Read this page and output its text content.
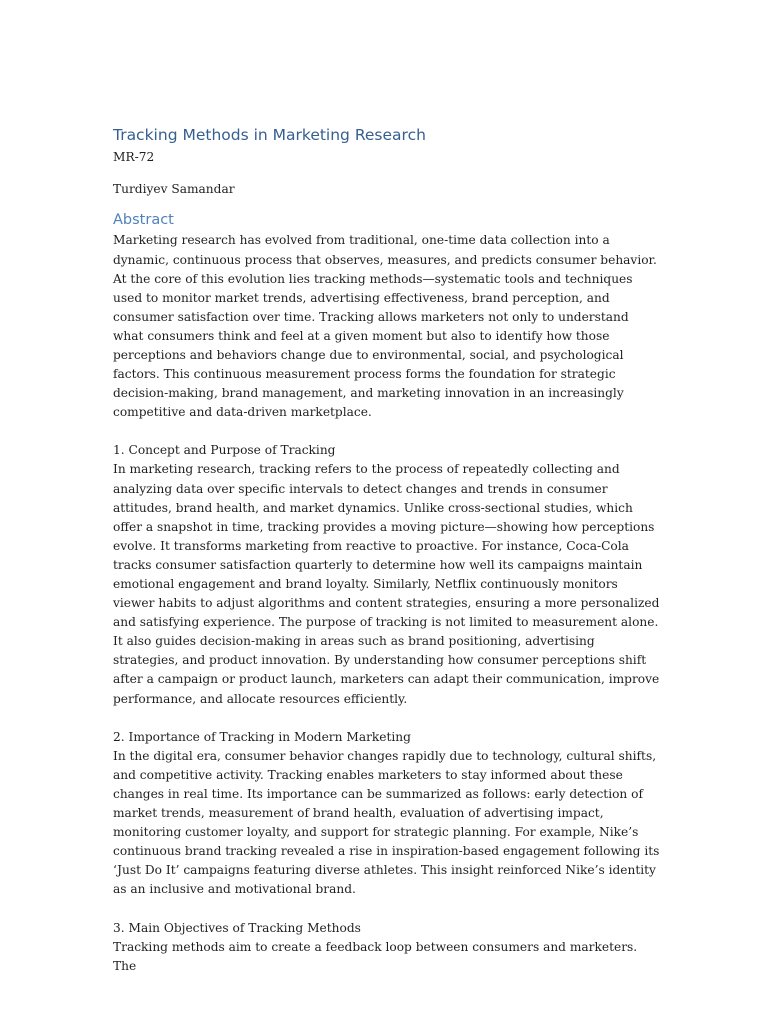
Tracking Methods in Marketing Research

MR-72

Turdiyev Samandar

Abstract

Marketing research has evolved from traditional, one-time data collection into a dynamic, continuous process that observes, measures, and predicts consumer behavior. At the core of this evolution lies tracking methods—systematic tools and techniques used to monitor market trends, advertising effectiveness, brand perception, and consumer satisfaction over time. Tracking allows marketers not only to understand what consumers think and feel at a given moment but also to identify how those perceptions and behaviors change due to environmental, social, and psychological factors. This continuous measurement process forms the foundation for strategic decision-making, brand management, and marketing innovation in an increasingly competitive and data-driven marketplace.

1. Concept and Purpose of Tracking

In marketing research, tracking refers to the process of repeatedly collecting and analyzing data over specific intervals to detect changes and trends in consumer attitudes, brand health, and market dynamics. Unlike cross-sectional studies, which offer a snapshot in time, tracking provides a moving picture—showing how perceptions evolve. It transforms marketing from reactive to proactive. For instance, Coca-Cola tracks consumer satisfaction quarterly to determine how well its campaigns maintain emotional engagement and brand loyalty. Similarly, Netflix continuously monitors viewer habits to adjust algorithms and content strategies, ensuring a more personalized and satisfying experience. The purpose of tracking is not limited to measurement alone. It also guides decision-making in areas such as brand positioning, advertising strategies, and product innovation. By understanding how consumer perceptions shift after a campaign or product launch, marketers can adapt their communication, improve performance, and allocate resources efficiently.

2. Importance of Tracking in Modern Marketing

In the digital era, consumer behavior changes rapidly due to technology, cultural shifts, and competitive activity. Tracking enables marketers to stay informed about these changes in real time. Its importance can be summarized as follows: early detection of market trends, measurement of brand health, evaluation of advertising impact, monitoring customer loyalty, and support for strategic planning. For example, Nike’s continuous brand tracking revealed a rise in inspiration-based engagement following its ‘Just Do It’ campaigns featuring diverse athletes. This insight reinforced Nike’s identity as an inclusive and motivational brand.

3. Main Objectives of Tracking Methods

Tracking methods aim to create a feedback loop between consumers and marketers. The
